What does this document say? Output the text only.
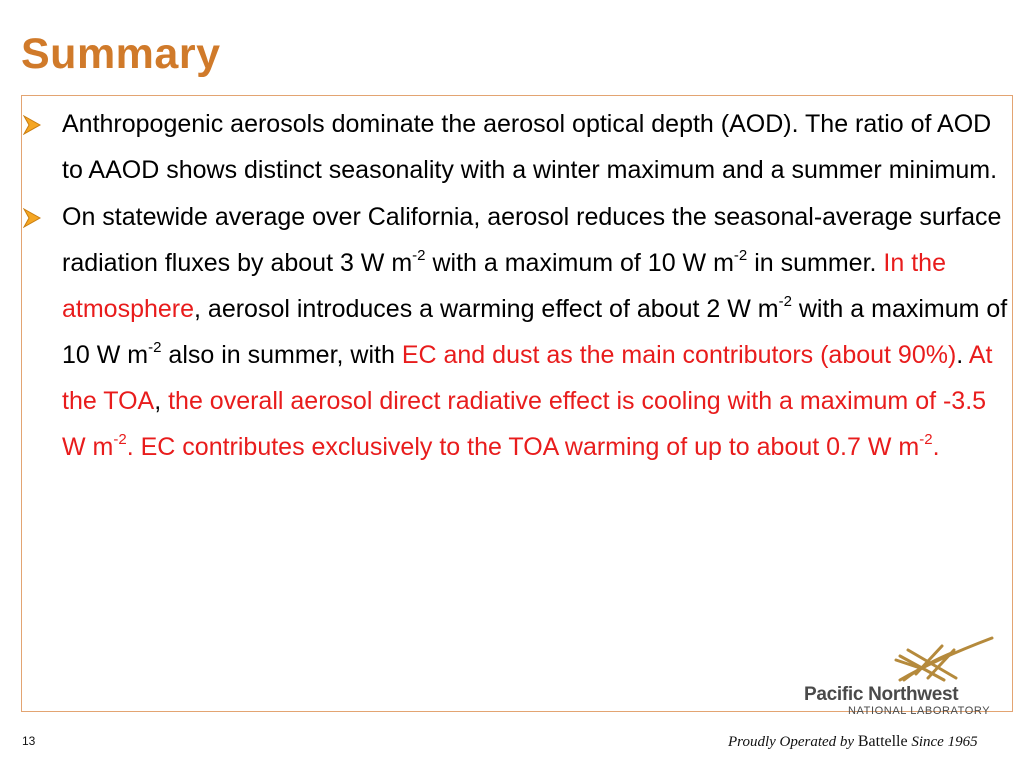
Summary
Anthropogenic aerosols dominate the aerosol optical depth (AOD). The ratio of AOD to AAOD shows distinct seasonality with a winter maximum and a summer minimum.
On statewide average over California, aerosol reduces the seasonal-average surface radiation fluxes by about 3 W $m^{-2}$ with a maximum of 10 W $m^{-2}$ in summer. In the atmosphere, aerosol introduces a warming effect of about 2 W $m^{-2}$ with a maximum of 10 W $m^{-2}$ also in summer, with EC and dust as the main contributors (about 90%). At the TOA, the overall aerosol direct radiative effect is cooling with a maximum of -3.5 W $m^{-2}$. EC contributes exclusively to the TOA warming of up to about 0.7 W $m^{-2}$.
Pacific Northwest
NATIONAL LABORATORY
Proudly Operated by Battelle Since 1965
13
